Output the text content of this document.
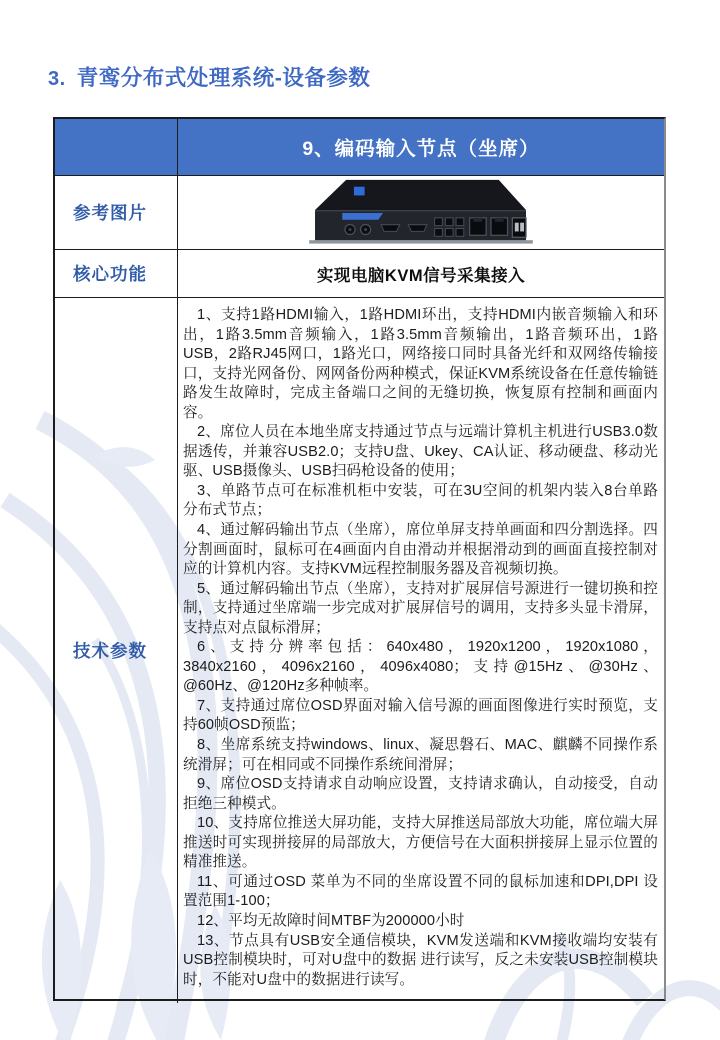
3. 青鸾分布式处理系统-设备参数
9、编码输入节点（坐席）
参考图片
核心功能	实现电脑KVM信号采集接入
技术参数

1、支持1路HDMI输入，1路HDMI环出，支持HDMI内嵌音频输入和环出，1路3.5mm音频输入，1路3.5mm音频输出，1路音频环出，1路USB，2路RJ45网口，1路光口，网络接口同时具备光纤和双网络传输接口，支持光网备份、网网备份两种模式，保证KVM系统设备在任意传输链路发生故障时，完成主备端口之间的无缝切换，恢复原有控制和画面内容。

2、席位人员在本地坐席支持通过节点与远端计算机主机进行USB3.0数据透传，并兼容USB2.0；支持U盘、Ukey、CA认证、移动硬盘、移动光驱、USB摄像头、USB扫码枪设备的使用；

3、单路节点可在标准机柜中安装，可在3U空间的机架内装入8台单路分布式节点；

4、通过解码输出节点（坐席），席位单屏支持单画面和四分割选择。四分割画面时，鼠标可在4画面内自由滑动并根据滑动到的画面直接控制对应的计算机内容。支持KVM远程控制服务器及音视频切换。

5、通过解码输出节点（坐席），支持对扩展屏信号源进行一键切换和控制，支持通过坐席端一步完成对扩展屏信号的调用，支持多头显卡滑屏，支持点对点鼠标滑屏；

6、支持分辨率包括：640x480，1920x1200，1920x1080，3840x2160，4096x2160，4096x4080；支持@15Hz、@30Hz、@60Hz、@120Hz多种帧率。

7、支持通过席位OSD界面对输入信号源的画面图像进行实时预览，支持60帧OSD预监；

8、坐席系统支持windows、linux、凝思磐石、MAC、麒麟不同操作系统滑屏；可在相同或不同操作系统间滑屏；

9、席位OSD支持请求自动响应设置，支持请求确认，自动接受，自动拒绝三种模式。

10、支持席位推送大屏功能，支持大屏推送局部放大功能，席位端大屏推送时可实现拼接屏的局部放大，方便信号在大面积拼接屏上显示位置的精准推送。

11、可通过OSD 菜单为不同的坐席设置不同的鼠标加速和DPI,DPI 设置范围1-100；

12、平均无故障时间MTBF为200000小时

13、节点具有USB安全通信模块，KVM发送端和KVM接收端均安装有USB控制模块时，可对U盘中的数据 进行读写，反之未安装USB控制模块时，不能对U盘中的数据进行读写。
